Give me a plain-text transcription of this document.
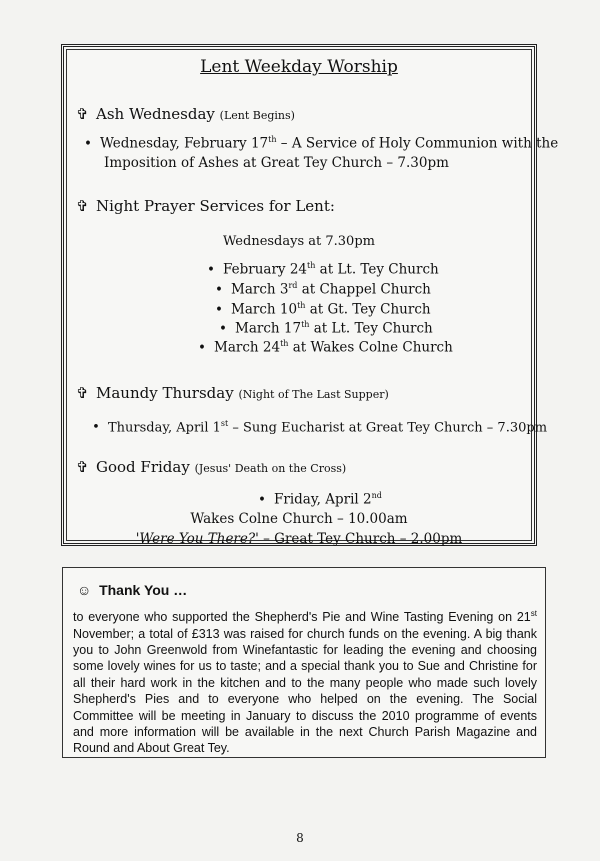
Lent Weekday Worship
✞ Ash Wednesday (Lent Begins)
• Wednesday, February 17th – A Service of Holy Communion with the
Imposition of Ashes at Great Tey Church – 7.30pm
✞ Night Prayer Services for Lent:
Wednesdays at 7.30pm
• February 24th at Lt. Tey Church
• March 3rd at Chappel Church
• March 10th at Gt. Tey Church
• March 17th at Lt. Tey Church
• March 24th at Wakes Colne Church
✞ Maundy Thursday (Night of The Last Supper)
• Thursday, April 1st – Sung Eucharist at Great Tey Church – 7.30pm
✞ Good Friday (Jesus' Death on the Cross)
• Friday, April 2nd
Wakes Colne Church – 10.00am
'Were You There?' – Great Tey Church – 2.00pm
☺ Thank You …
to everyone who supported the Shepherd's Pie and Wine Tasting Evening on 21st November; a total of £313 was raised for church funds on the evening. A big thank you to John Greenwold from Winefantastic for leading the evening and choosing some lovely wines for us to taste; and a special thank you to Sue and Christine for all their hard work in the kitchen and to the many people who made such lovely Shepherd's Pies and to everyone who helped on the evening. The Social Committee will be meeting in January to discuss the 2010 programme of events and more information will be available in the next Church Parish Magazine and Round and About Great Tey.
8
